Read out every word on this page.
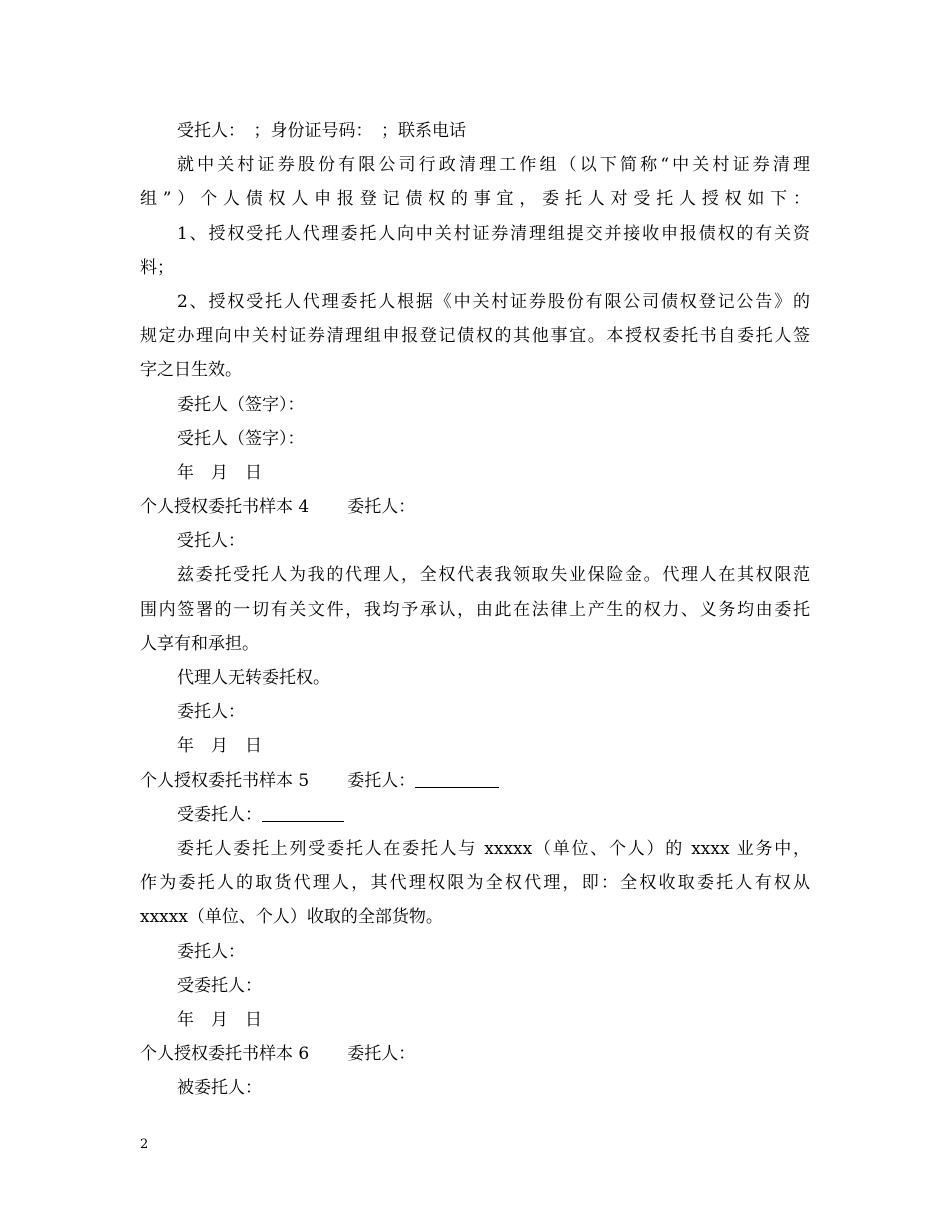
受托人：　；身份证号码：　；联系电话
就中关村证券股份有限公司行政清理工作组（以下简称“中关村证券清理
组”）个人债权人申报登记债权的事宜，委托人对受托人授权如下：
1、授权受托人代理委托人向中关村证券清理组提交并接收申报债权的有关资
料；
2、授权受托人代理委托人根据《中关村证券股份有限公司债权登记公告》的
规定办理向中关村证券清理组申报登记债权的其他事宜。本授权委托书自委托人签
字之日生效。
委托人（签字）：
受托人（签字）：
年　月　日
个人授权委托书样本 4 委托人：
受托人：
兹委托受托人为我的代理人，全权代表我领取失业保险金。代理人在其权限范
围内签署的一切有关文件，我均予承认，由此在法律上产生的权力、义务均由委托
人享有和承担。
代理人无转委托权。
委托人：
年　月　日
个人授权委托书样本 5 委托人：
受委托人：
委托人委托上列受委托人在委托人与 xxxxx（单位、个人）的 xxxx 业务中，
作为委托人的取货代理人，其代理权限为全权代理，即：全权收取委托人有权从
xxxxx（单位、个人）收取的全部货物。
委托人：
受委托人：
年　月　日
个人授权委托书样本 6 委托人：
被委托人：
2
